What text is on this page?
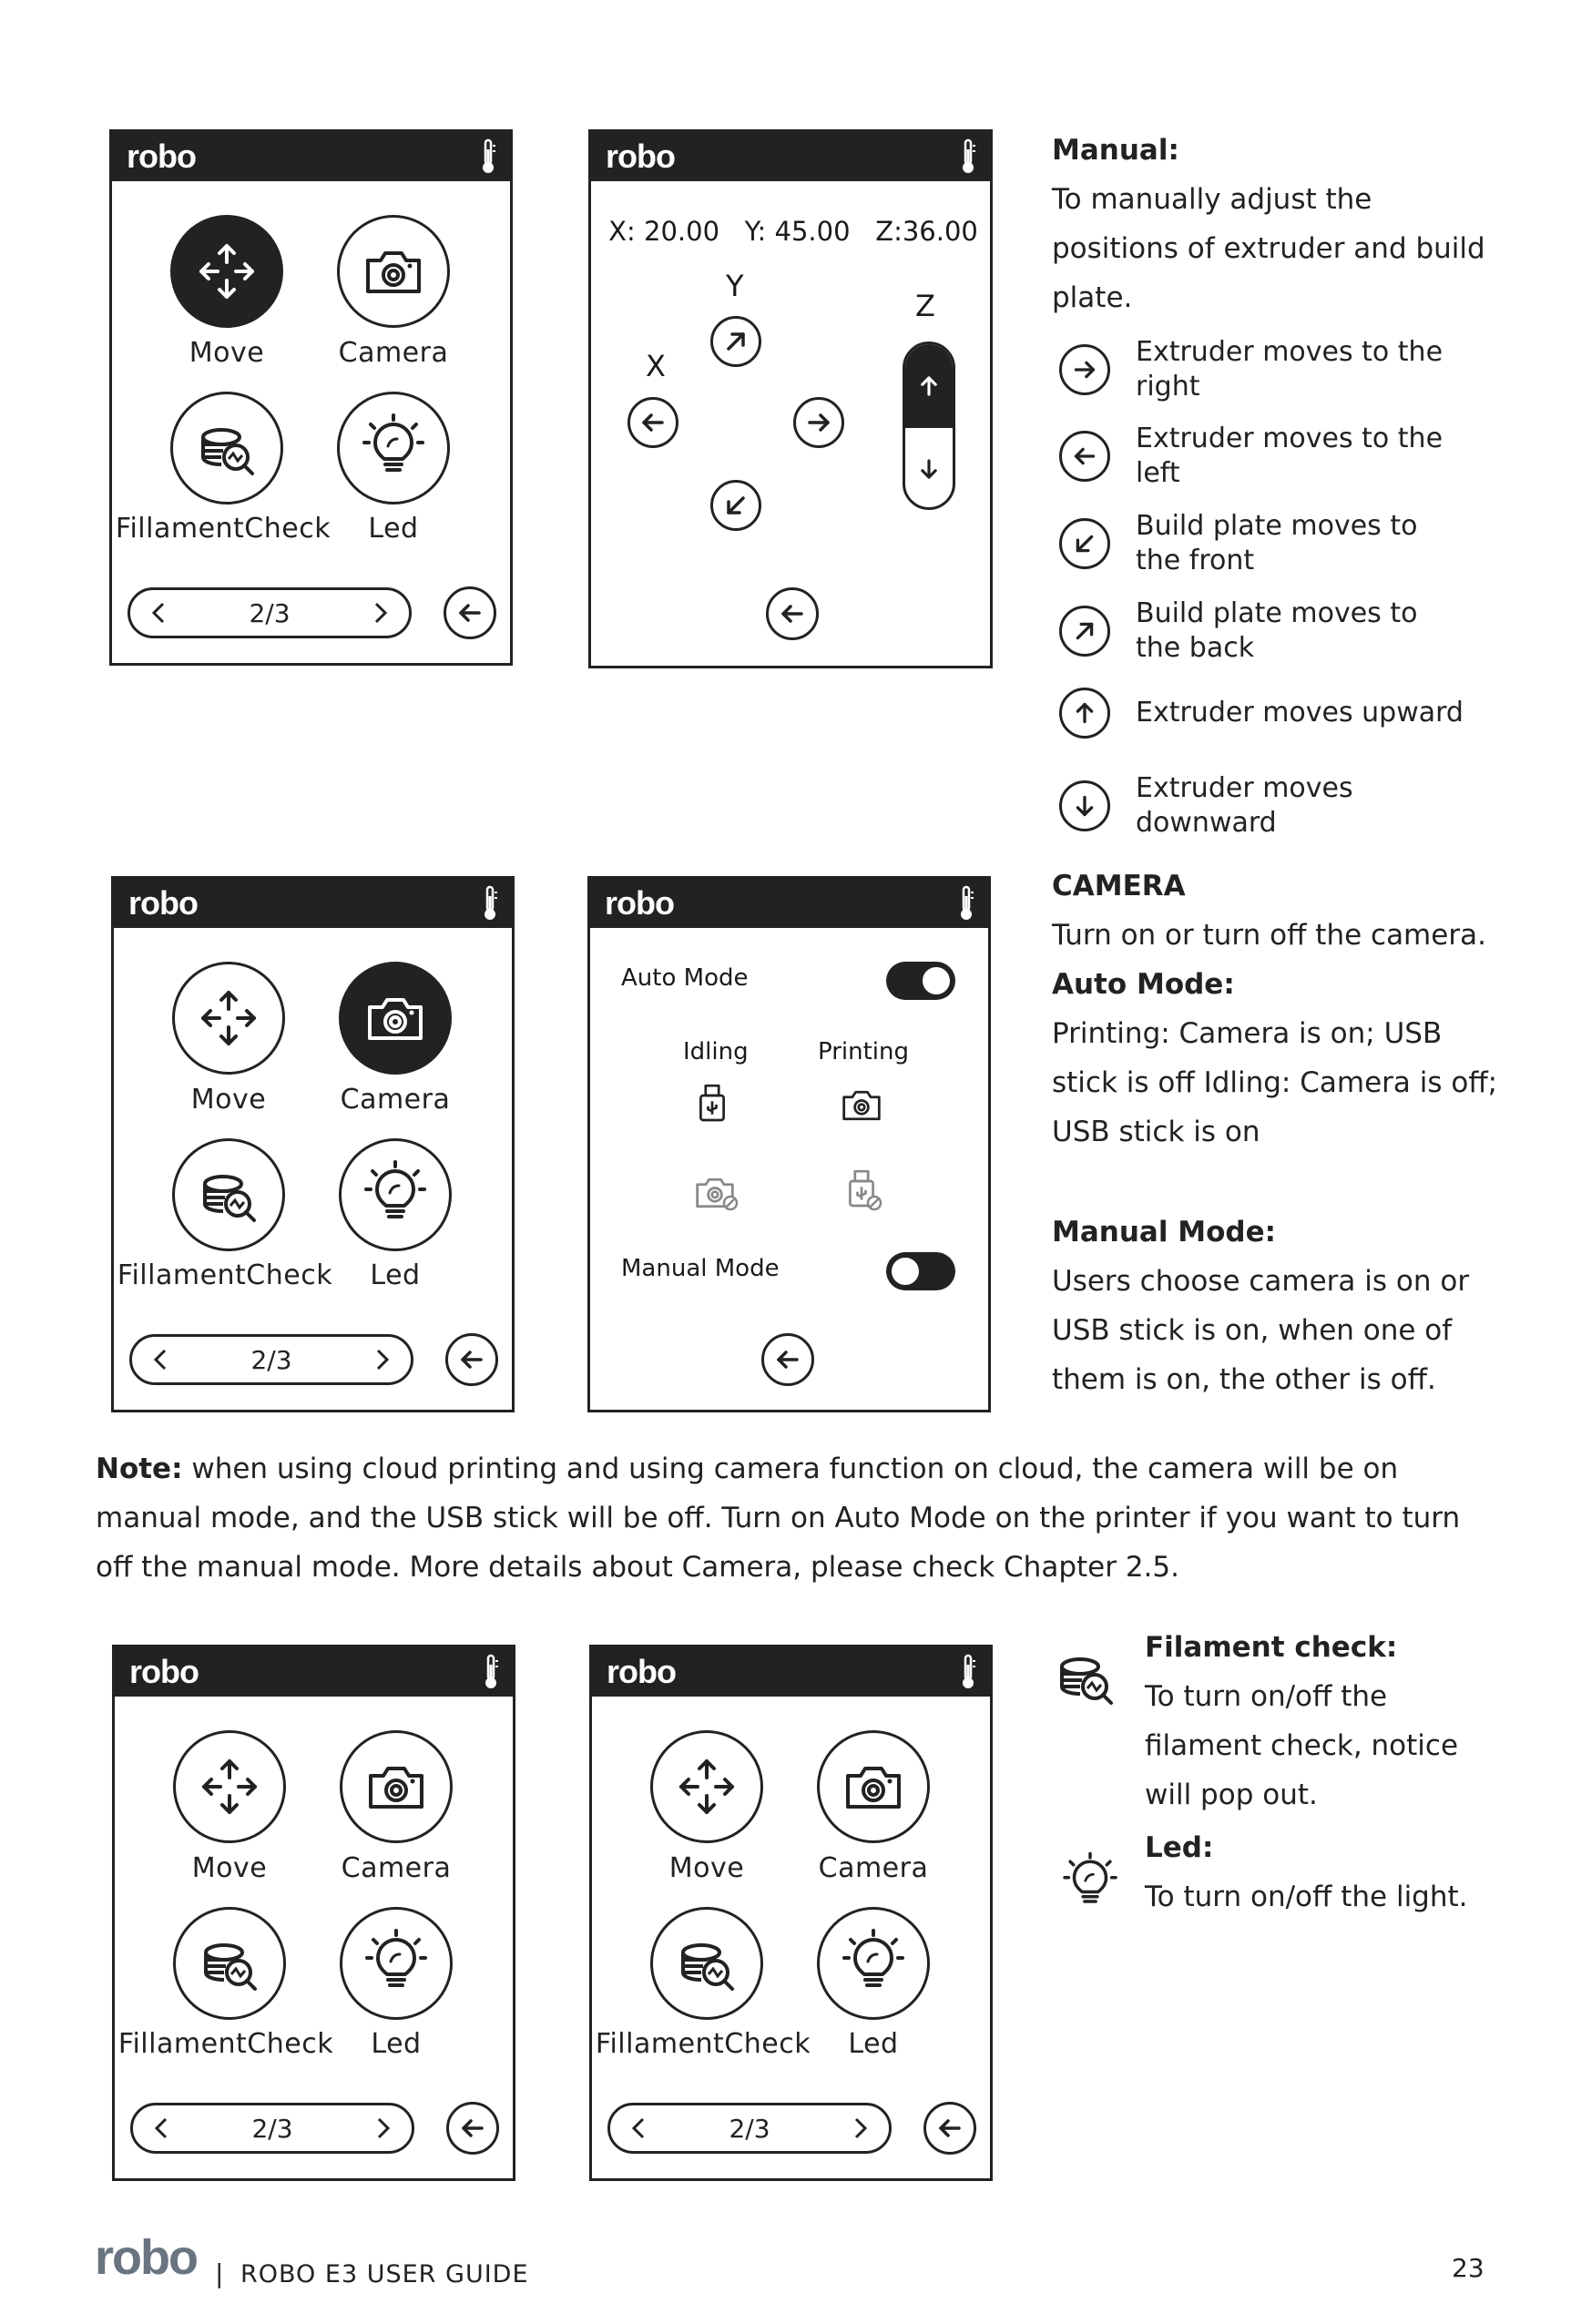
robo
Move	Camera
FillamentCheck	Led
2/3
robo
X: 20.00   Y: 45.00   Z:36.00
Y
X
Z
Manual:
To manually adjust the positions of extruder and build plate.
Extruder moves to the right
Extruder moves to the left
Build plate moves to the front
Build plate moves to the back
Extruder moves upward
Extruder moves downward
robo
Move	Camera
FillamentCheck	Led
2/3
robo
Auto Mode
Idling	Printing
Manual Mode
CAMERA
Turn on or turn off the camera.
Auto Mode:
Printing: Camera is on; USB stick is off Idling: Camera is off; USB stick is on
Manual Mode:
Users choose camera is on or USB stick is on, when one of them is on, the other is off.
Note: when using cloud printing and using camera function on cloud, the camera will be on manual mode, and the USB stick will be off. Turn on Auto Mode on the printer if you want to turn off the manual mode. More details about Camera, please check Chapter 2.5.
robo
Move	Camera
FillamentCheck	Led
2/3
robo
Move	Camera
FillamentCheck	Led
2/3
Filament check:
To turn on/off the filament check, notice will pop out.
Led:
To turn on/off the light.
robo | ROBO E3 USER GUIDE	23
